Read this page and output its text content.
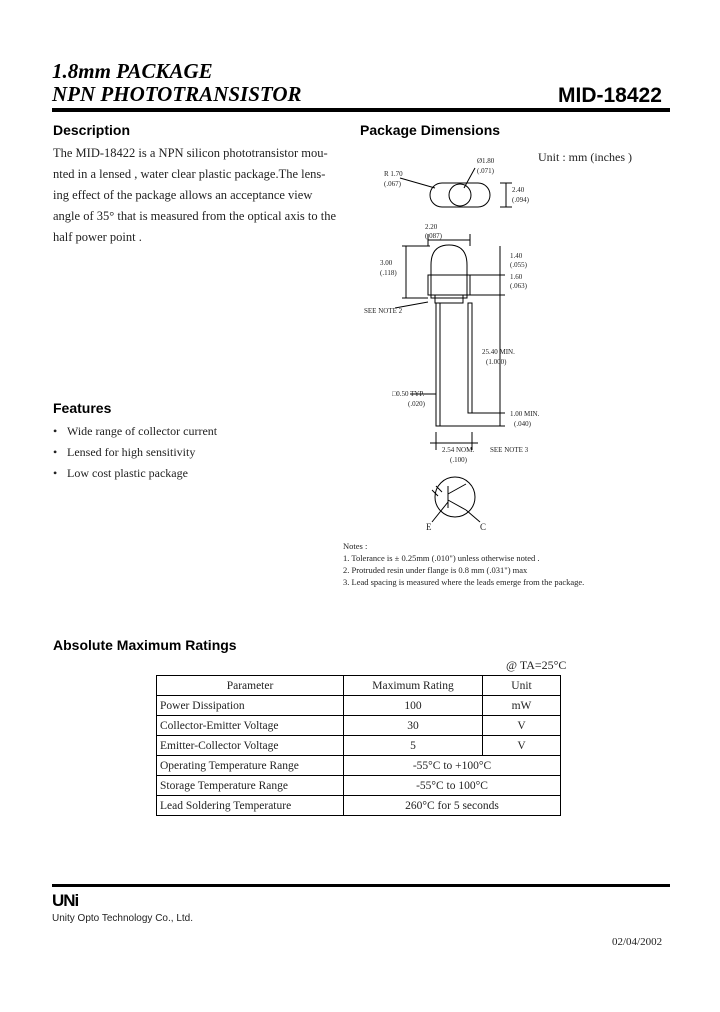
1.8mm PACKAGE
NPN PHOTOTRANSISTOR	MID-18422
Description
The MID-18422 is a NPN silicon phototransistor mou-
nted in a lensed , water clear plastic package.The lens-
ing effect of the package allows an acceptance view
angle of 35° that is measured from the optical axis to the
half power point .
Features
• Wide range of collector current
• Lensed for high sensitivity
• Low cost plastic package
Package Dimensions
Unit : mm (inches )
R 1.70
(.067)
Ø1.80
(.071)
2.40
(.094)
2.20
(.087)
3.00
(.118)
1.40
(.055)
1.60
(.063)
SEE NOTE 2
25.40 MIN.
(1.000)
□0.50 TYP.
(.020)
1.00 MIN.
(.040)
2.54 NOM.
(.100)
SEE NOTE 3
E	C
Notes :
1. Tolerance is ± 0.25mm (.010") unless otherwise noted .
2. Protruded resin under flange is 0.8 mm (.031") max
3. Lead spacing is measured where the leads emerge from the package.
Absolute Maximum Ratings
@ TA=25°C
Parameter	Maximum Rating	Unit
Power Dissipation	100	mW
Collector-Emitter Voltage	30	V
Emitter-Collector Voltage	5	V
Operating Temperature Range	-55°C to +100°C	
Storage Temperature Range	-55°C to 100°C	
Lead Soldering Temperature	260°C for 5 seconds	
UNi
Unity Opto Technology Co., Ltd.
02/04/2002
